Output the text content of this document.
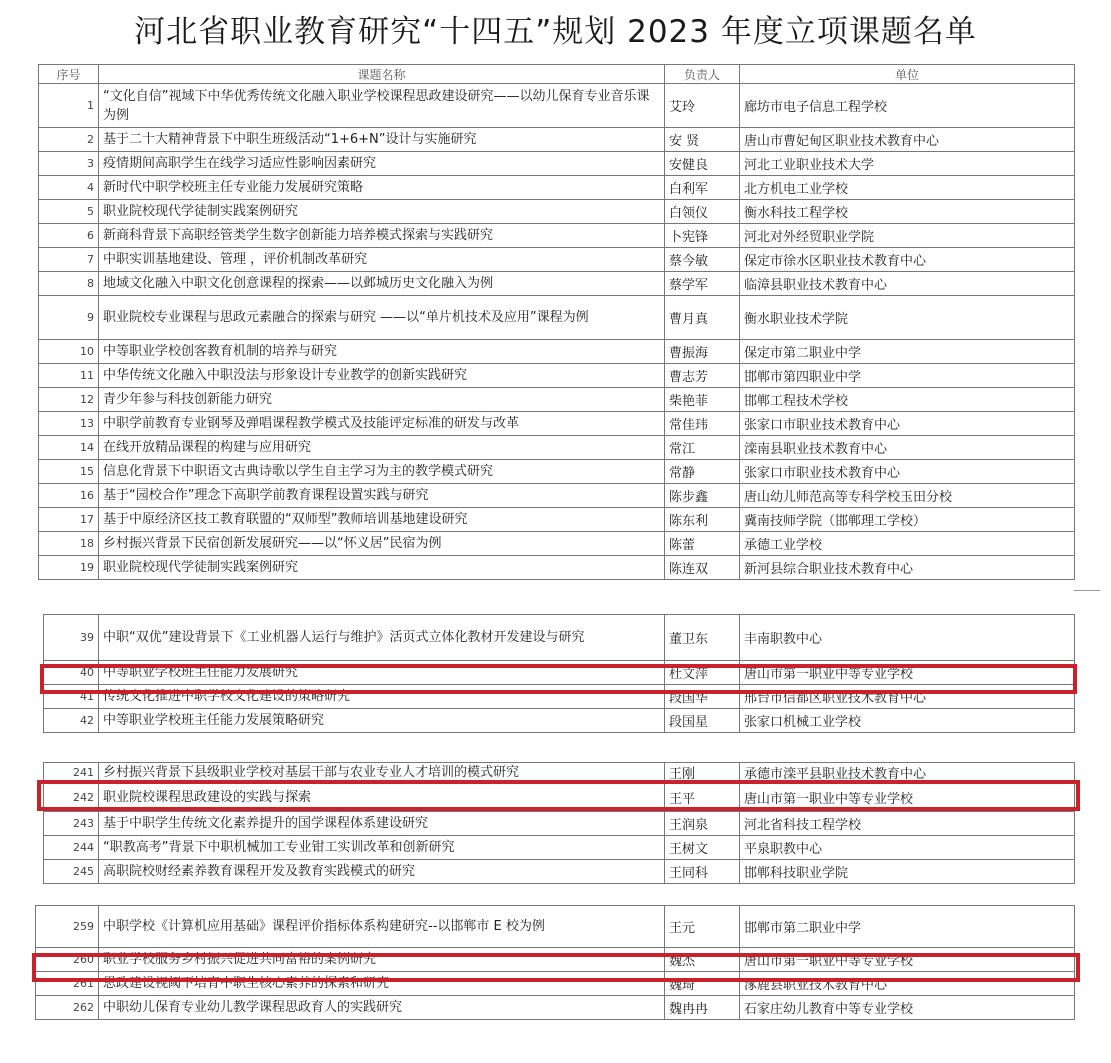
河北省职业教育研究“十四五”规划 2023 年度立项课题名单
序号	课题名称	负责人	单位
1	“文化自信”视域下中华优秀传统文化融入职业学校课程思政建设研究——以幼儿保育专业音乐课为例	艾玲	廊坊市电子信息工程学校
2	基于二十大精神背景下中职生班级活动“1+6+N”设计与实施研究	安 贤	唐山市曹妃甸区职业技术教育中心
3	疫情期间高职学生在线学习适应性影响因素研究	安健良	河北工业职业技术大学
4	新时代中职学校班主任专业能力发展研究策略	白利军	北方机电工业学校
5	职业院校现代学徒制实践案例研究	白领仪	衡水科技工程学校
6	新商科背景下高职经管类学生数字创新能力培养模式探索与实践研究	卜宪锋	河北对外经贸职业学院
7	中职实训基地建设、管理 ，评价机制改革研究	蔡今敏	保定市徐水区职业技术教育中心
8	地域文化融入中职文化创意课程的探索——以邺城历史文化融入为例	蔡学军	临漳县职业技术教育中心
9	职业院校专业课程与思政元素融合的探索与研究 ——以“单片机技术及应用”课程为例	曹月真	衡水职业技术学院
10	中等职业学校创客教育机制的培养与研究	曹振海	保定市第二职业中学
11	中华传统文化融入中职没法与形象设计专业教学的创新实践研究	曹志芳	邯郸市第四职业中学
12	青少年参与科技创新能力研究	柴艳菲	邯郸工程技术学校
13	中职学前教育专业钢琴及弹唱课程教学模式及技能评定标准的研发与改革	常佳玮	张家口市职业技术教育中心
14	在线开放精品课程的构建与应用研究	常江	滦南县职业技术教育中心
15	信息化背景下中职语文古典诗歌以学生自主学习为主的教学模式研究	常静	张家口市职业技术教育中心
16	基于“园校合作”理念下高职学前教育课程设置实践与研究	陈步鑫	唐山幼儿师范高等专科学校玉田分校
17	基于中原经济区技工教育联盟的“双师型”教师培训基地建设研究	陈东利	冀南技师学院（邯郸理工学校）
18	乡村振兴背景下民宿创新发展研究——以“怀义居”民宿为例	陈蕾	承德工业学校
19	职业院校现代学徒制实践案例研究	陈连双	新河县综合职业技术教育中心
39	中职“双优”建设背景下《工业机器人运行与维护》活页式立体化教材开发建设与研究	董卫东	丰南职教中心
40	中等职业学校班主任能力发展研究	杜文萍	唐山市第一职业中等专业学校
41	传统文化推进中职学校文化建设的策略研究	段国华	邢台市信都区职业技术教育中心
42	中等职业学校班主任能力发展策略研究	段国星	张家口机械工业学校
241	乡村振兴背景下县级职业学校对基层干部与农业专业人才培训的模式研究	王刚	承德市滦平县职业技术教育中心
242	职业院校课程思政建设的实践与探索	王平	唐山市第一职业中等专业学校
243	基于中职学生传统文化素养提升的国学课程体系建设研究	王润泉	河北省科技工程学校
244	“职教高考”背景下中职机械加工专业钳工实训改革和创新研究	王树文	平泉职教中心
245	高职院校财经素养教育课程开发及教育实践模式的研究	王同科	邯郸科技职业学院
259	中职学校《计算机应用基础》课程评价指标体系构建研究--以邯郸市 E 校为例	王元	邯郸市第二职业中学
260	职业学校服务乡村振兴促进共同富裕的案例研究	魏杰	唐山市第一职业中等专业学校
261	思政建设视阈下培育中职生核心素养的探索和研究	魏琦	涿鹿县职业技术教育中心
262	中职幼儿保育专业幼儿教学课程思政育人的实践研究	魏冉冉	石家庄幼儿教育中等专业学校
